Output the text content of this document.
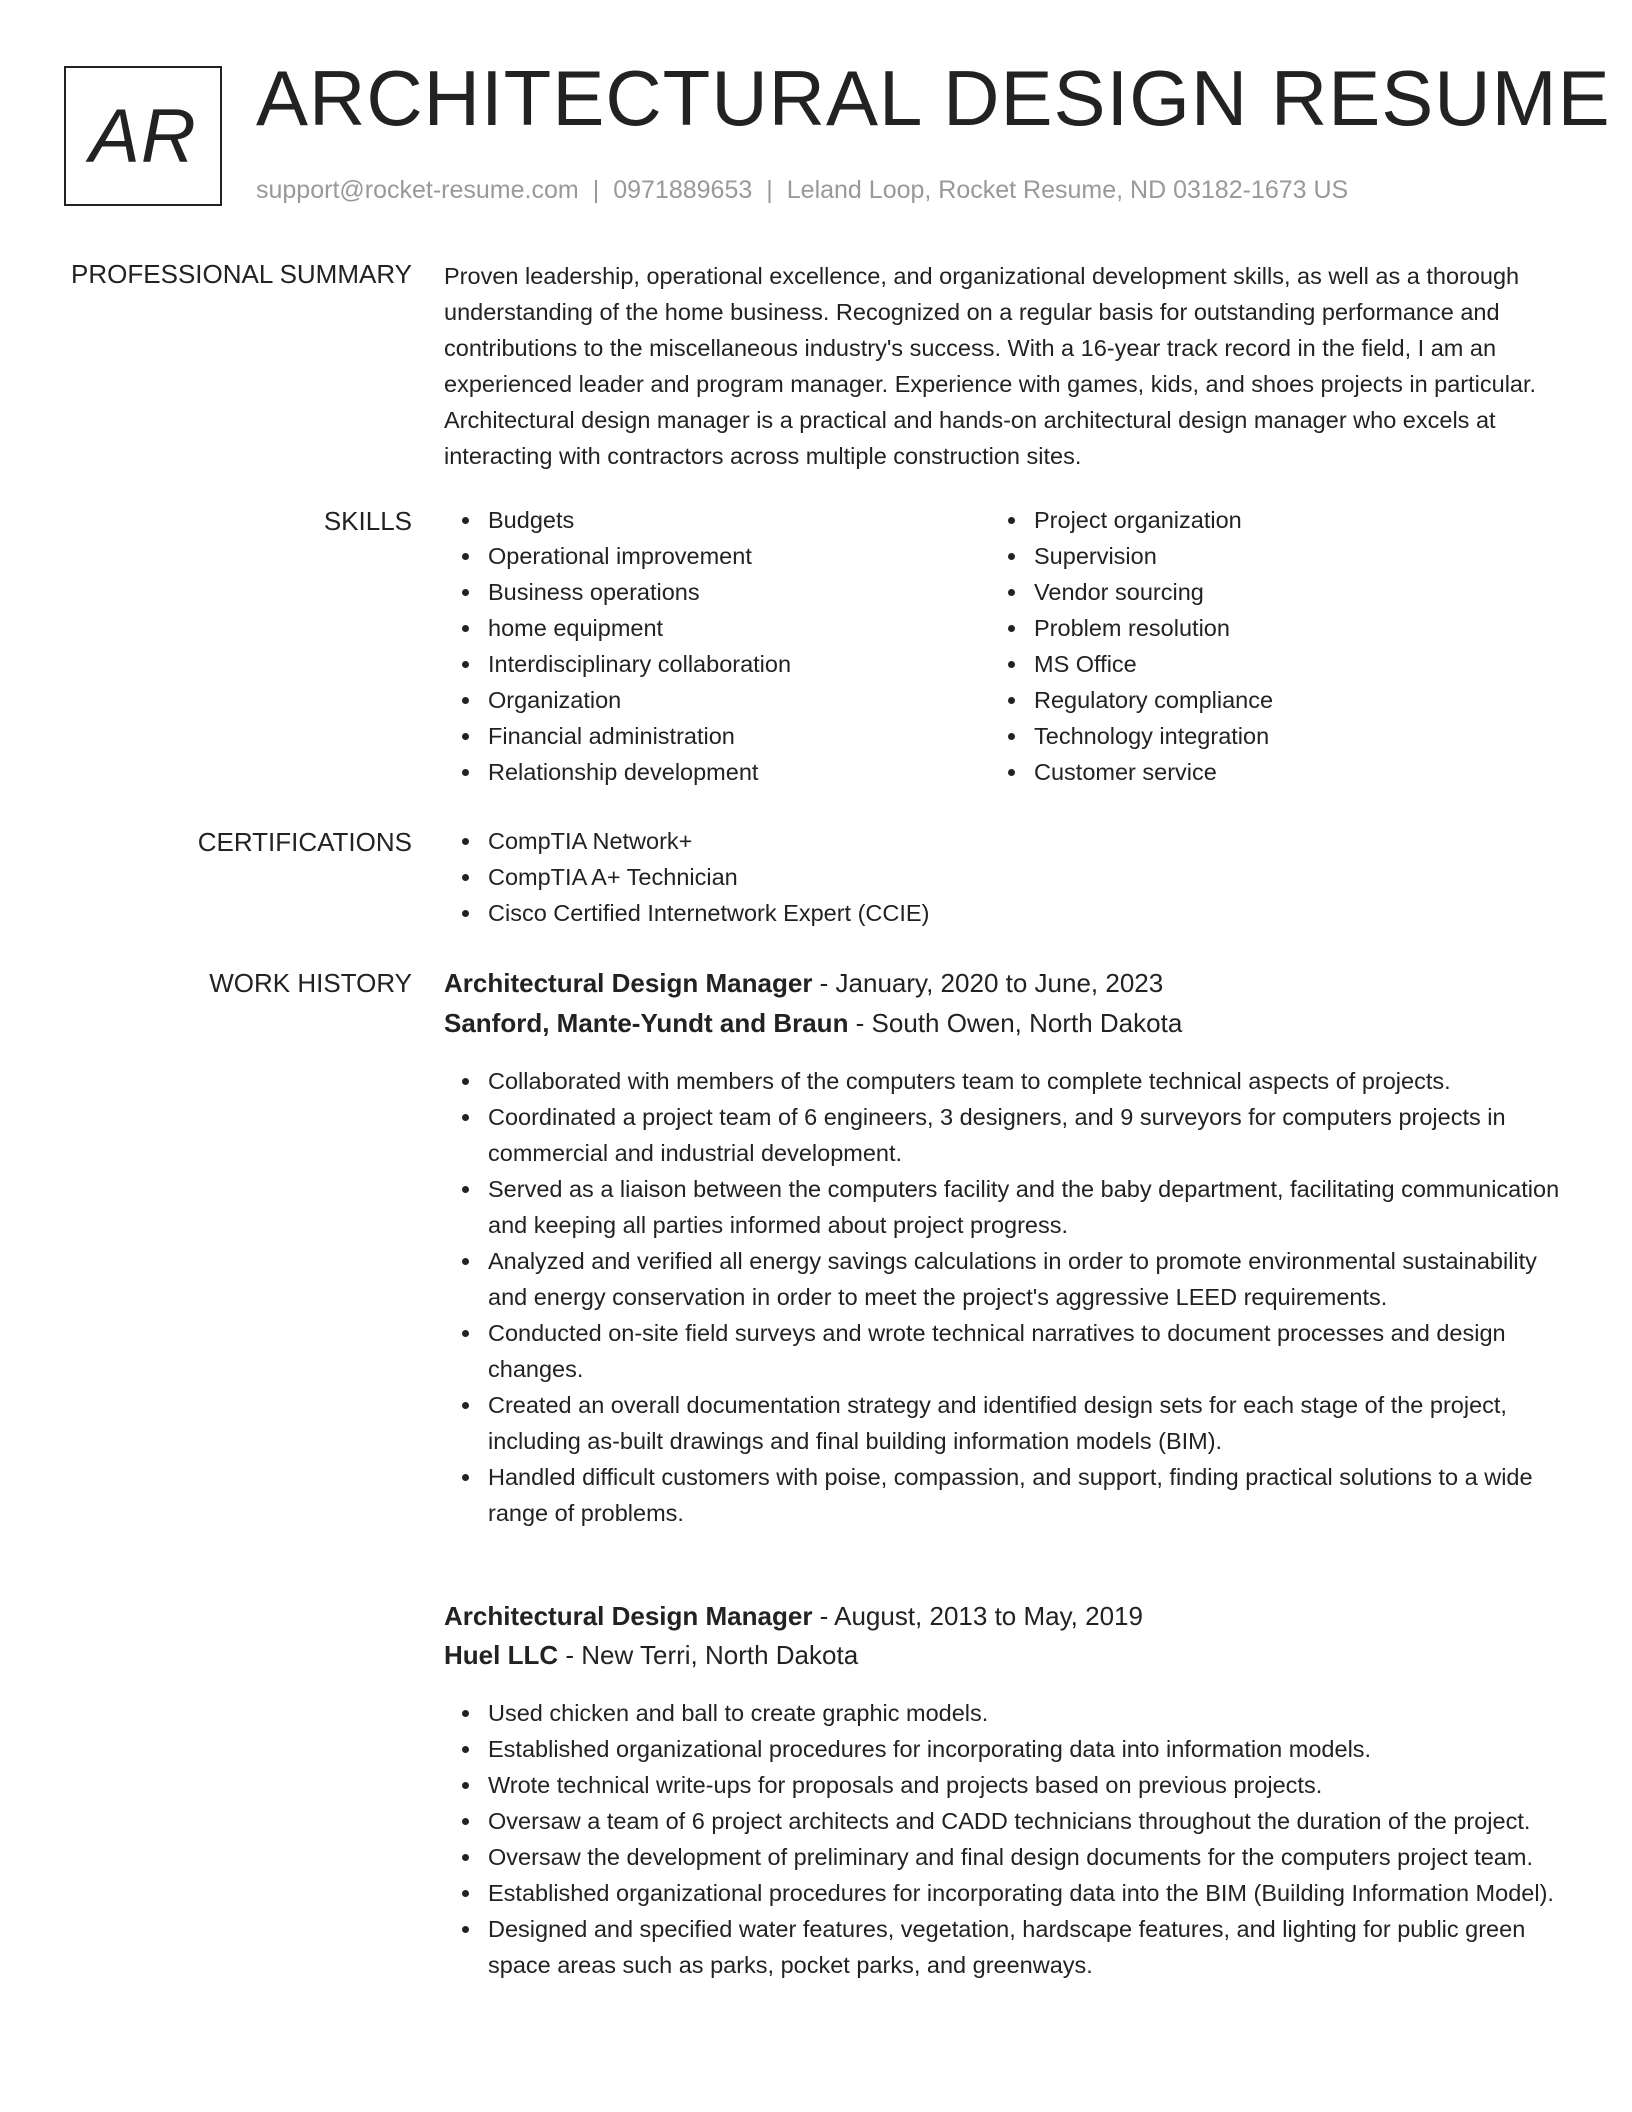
AR ARCHITECTURAL DESIGN RESUME
support@rocket-resume.com | 0971889653 | Leland Loop, Rocket Resume, ND 03182-1673 US
PROFESSIONAL SUMMARY Proven leadership, operational excellence, and organizational development skills, as well as a thorough understanding of the home business. Recognized on a regular basis for outstanding performance and contributions to the miscellaneous industry's success. With a 16-year track record in the field, I am an experienced leader and program manager. Experience with games, kids, and shoes projects in particular. Architectural design manager is a practical and hands-on architectural design manager who excels at interacting with contractors across multiple construction sites.
SKILLS	Budgets
Operational improvement
Business operations
home equipment
Interdisciplinary collaboration
Organization
Financial administration
Relationship development
Project organization
Supervision
Vendor sourcing
Problem resolution
MS Office
Regulatory compliance
Technology integration
Customer service
CERTIFICATIONS	CompTIA Network+
CompTIA A+ Technician
Cisco Certified Internetwork Expert (CCIE)
WORK HISTORY Architectural Design Manager - January, 2020 to June, 2023
Sanford, Mante-Yundt and Braun - South Owen, North Dakota
Collaborated with members of the computers team to complete technical aspects of projects.
Coordinated a project team of 6 engineers, 3 designers, and 9 surveyors for computers projects in commercial and industrial development.
Served as a liaison between the computers facility and the baby department, facilitating communication and keeping all parties informed about project progress.
Analyzed and verified all energy savings calculations in order to promote environmental sustainability and energy conservation in order to meet the project's aggressive LEED requirements.
Conducted on-site field surveys and wrote technical narratives to document processes and design changes.
Created an overall documentation strategy and identified design sets for each stage of the project, including as-built drawings and final building information models (BIM).
Handled difficult customers with poise, compassion, and support, finding practical solutions to a wide range of problems.
Architectural Design Manager - August, 2013 to May, 2019
Huel LLC - New Terri, North Dakota
Used chicken and ball to create graphic models.
Established organizational procedures for incorporating data into information models.
Wrote technical write-ups for proposals and projects based on previous projects.
Oversaw a team of 6 project architects and CADD technicians throughout the duration of the project.
Oversaw the development of preliminary and final design documents for the computers project team.
Established organizational procedures for incorporating data into the BIM (Building Information Model).
Designed and specified water features, vegetation, hardscape features, and lighting for public green space areas such as parks, pocket parks, and greenways.
